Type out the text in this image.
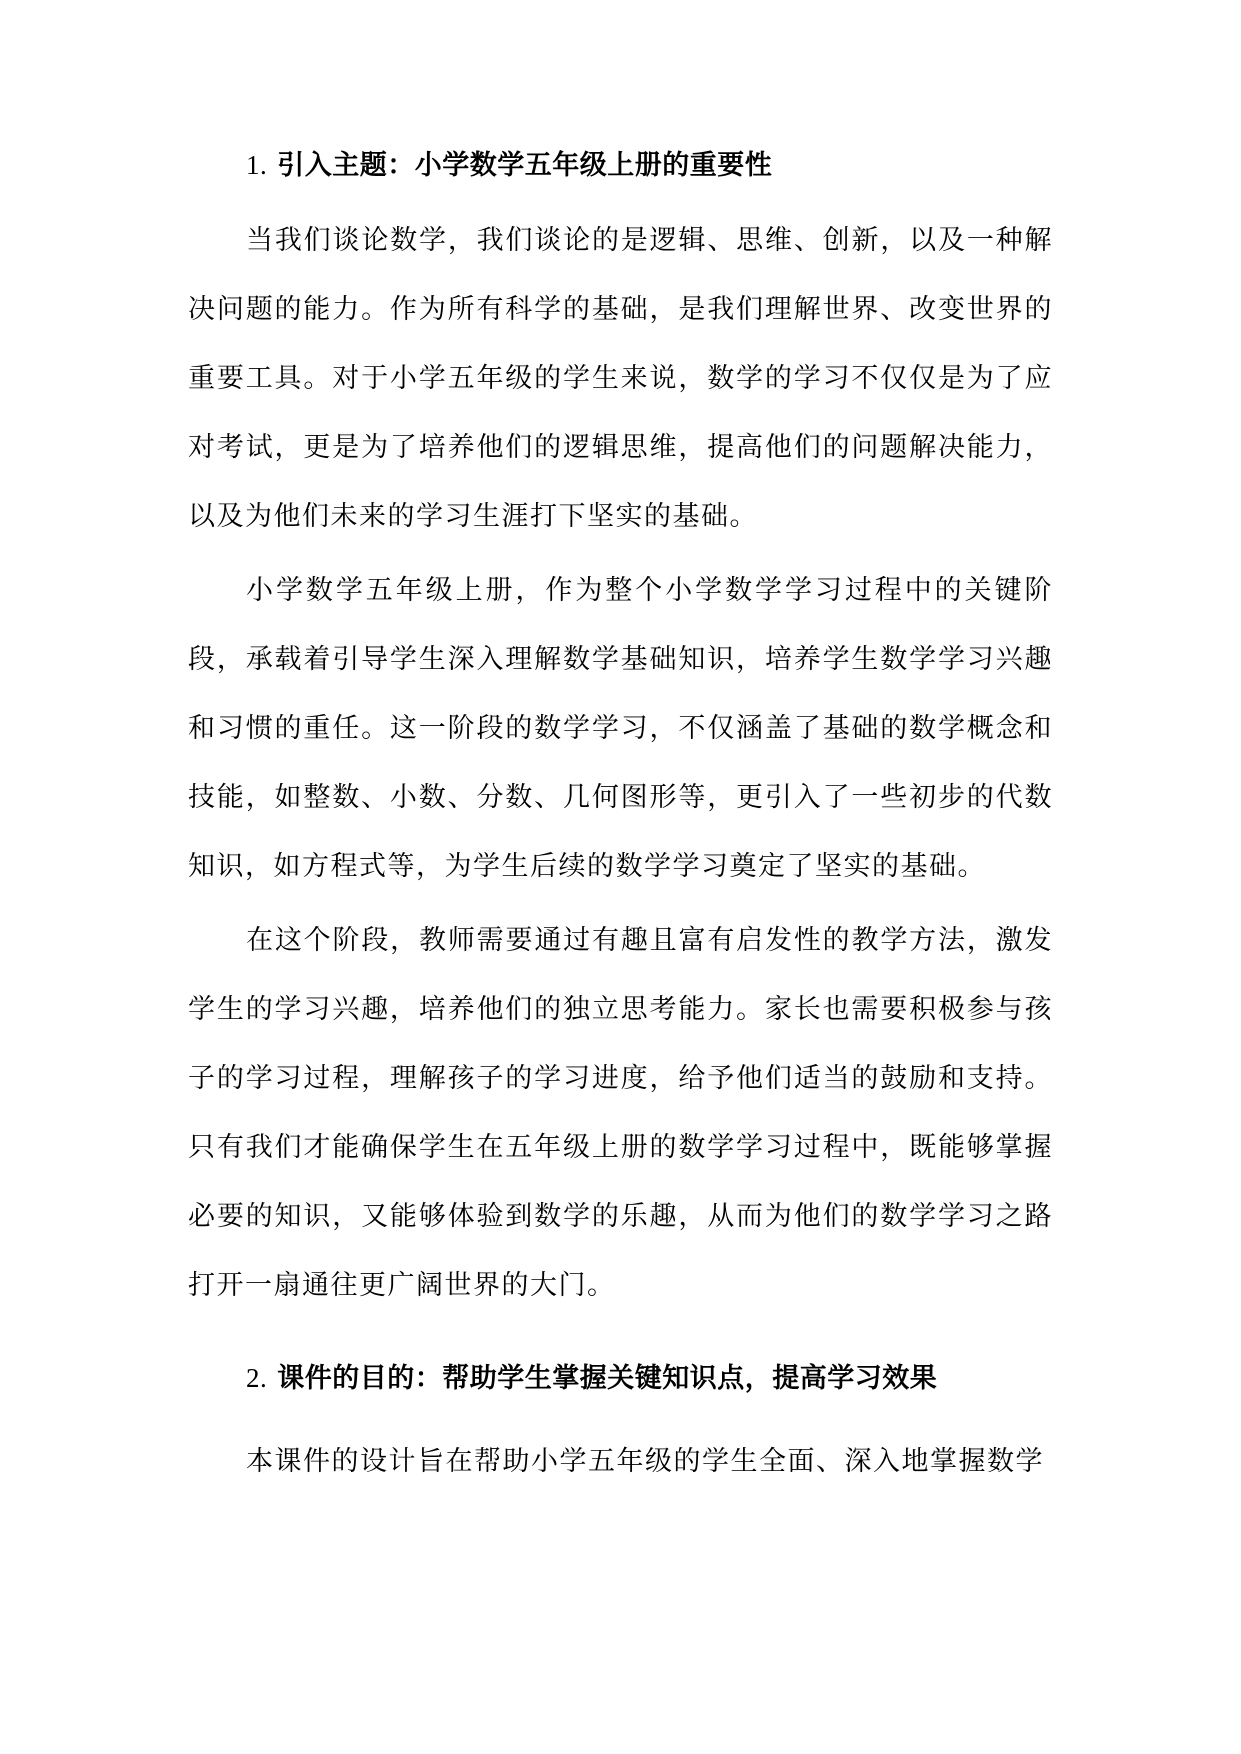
1. 引入主题：小学数学五年级上册的重要性

当我们谈论数学，我们谈论的是逻辑、思维、创新，以及一种解决问题的能力。作为所有科学的基础，是我们理解世界、改变世界的重要工具。对于小学五年级的学生来说，数学的学习不仅仅是为了应对考试，更是为了培养他们的逻辑思维，提高他们的问题解决能力，以及为他们未来的学习生涯打下坚实的基础。

小学数学五年级上册，作为整个小学数学学习过程中的关键阶段，承载着引导学生深入理解数学基础知识，培养学生数学学习兴趣和习惯的重任。这一阶段的数学学习，不仅涵盖了基础的数学概念和技能，如整数、小数、分数、几何图形等，更引入了一些初步的代数知识，如方程式等，为学生后续的数学学习奠定了坚实的基础。

在这个阶段，教师需要通过有趣且富有启发性的教学方法，激发学生的学习兴趣，培养他们的独立思考能力。家长也需要积极参与孩子的学习过程，理解孩子的学习进度，给予他们适当的鼓励和支持。只有我们才能确保学生在五年级上册的数学学习过程中，既能够掌握必要的知识，又能够体验到数学的乐趣，从而为他们的数学学习之路打开一扇通往更广阔世界的大门。

2. 课件的目的：帮助学生掌握关键知识点，提高学习效果

本课件的设计旨在帮助小学五年级的学生全面、深入地掌握数学
